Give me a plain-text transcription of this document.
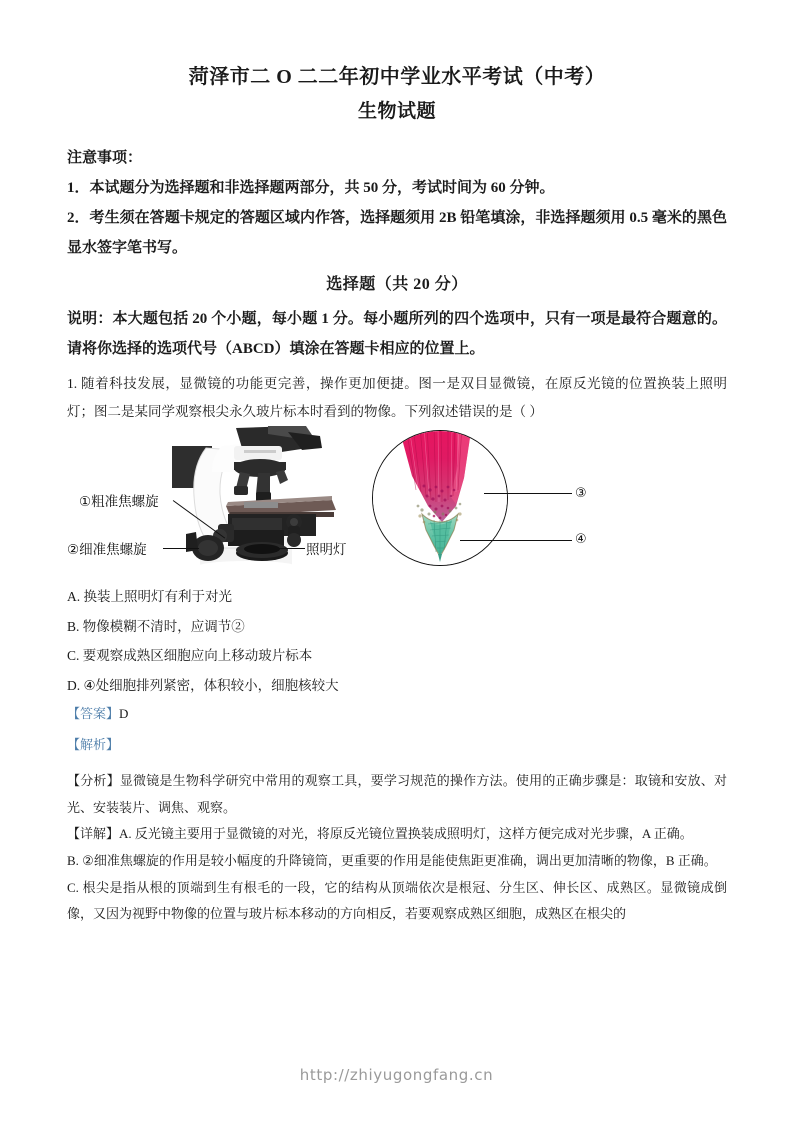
菏泽市二 O 二二年初中学业水平考试（中考）
生物试题

注意事项：

1．本试题分为选择题和非选择题两部分，共 50 分，考试时间为 60 分钟。

2．考生须在答题卡规定的答题区域内作答，选择题须用 2B 铅笔填涂，非选择题须用 0.5 毫米的黑色显水签字笔书写。

选择题（共 20 分）

说明：本大题包括 20 个小题，每小题 1 分。每小题所列的四个选项中，只有一项是最符合题意的。请将你选择的选项代号（ABCD）填涂在答题卡相应的位置上。

1. 随着科技发展，显微镜的功能更完善，操作更加便捷。图一是双目显微镜，在原反光镜的位置换装上照明灯；图二是某同学观察根尖永久玻片标本时看到的物像。下列叙述错误的是（ ）

①粗准焦螺旋
②细准焦螺旋	照明灯
③
④

A. 换装上照明灯有利于对光

B. 物像模糊不清时，应调节②

C. 要观察成熟区细胞应向上移动玻片标本

D. ④处细胞排列紧密，体积较小，细胞核较大

【答案】D

【解析】

【分析】显微镜是生物科学研究中常用的观察工具，要学习规范的操作方法。使用的正确步骤是：取镜和安放、对光、安装装片、调焦、观察。

【详解】A. 反光镜主要用于显微镜的对光，将原反光镜位置换装成照明灯，这样方便完成对光步骤，A 正确。

B. ②细准焦螺旋的作用是较小幅度的升降镜筒，更重要的作用是能使焦距更准确，调出更加清晰的物像，B 正确。

C. 根尖是指从根的顶端到生有根毛的一段，它的结构从顶端依次是根冠、分生区、伸长区、成熟区。显微镜成倒像，又因为视野中物像的位置与玻片标本移动的方向相反，若要观察成熟区细胞，成熟区在根尖的

http://zhiyugongfang.cn
